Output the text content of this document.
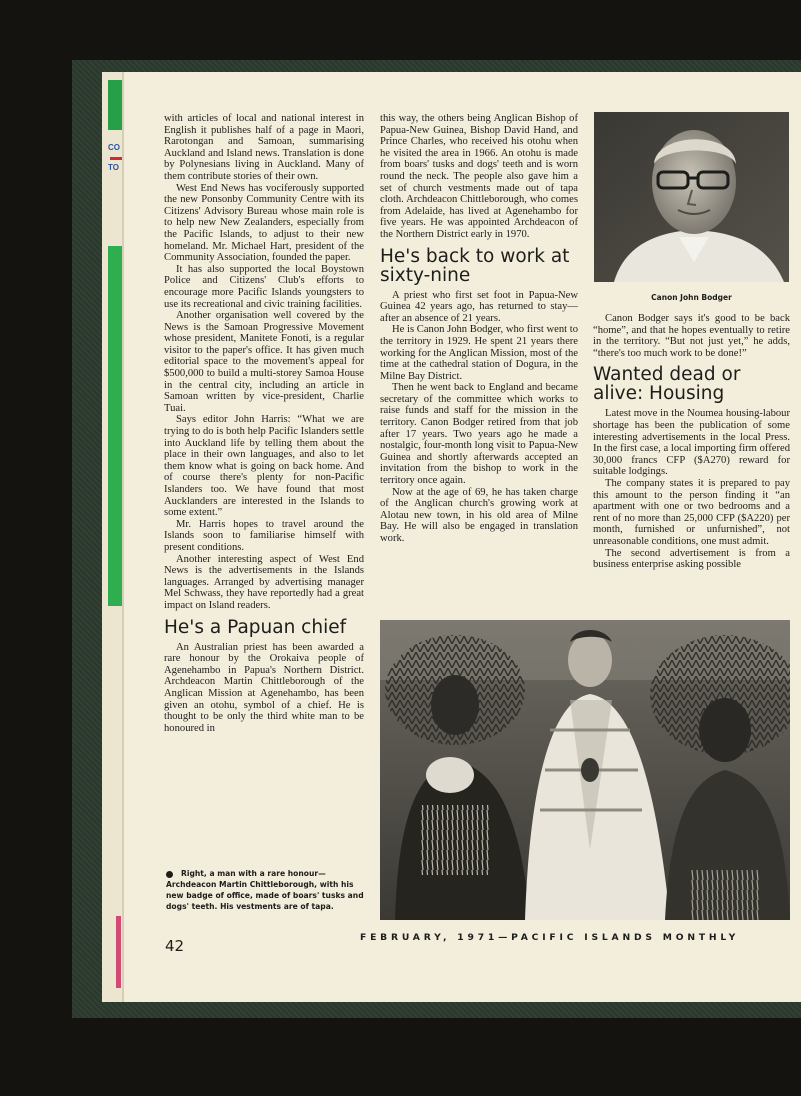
CO
TO

with articles of local and national interest in English it publishes half of a page in Maori, Rarotongan and Samoan, summarising Auckland and Island news. Translation is done by Polynesians living in Auckland. Many of them contribute stories of their own.

West End News has vociferously supported the new Ponsonby Community Centre with its Citizens' Advisory Bureau whose main role is to help new New Zealanders, especially from the Pacific Islands, to adjust to their new homeland. Mr. Michael Hart, president of the Community Association, founded the paper.

It has also supported the local Boystown Police and Citizens' Club's efforts to encourage more Pacific Islands youngsters to use its recreational and civic training facilities.

Another organisation well covered by the News is the Samoan Progressive Movement whose president, Manitete Fonoti, is a regular visitor to the paper's office. It has given much editorial space to the movement's appeal for $500,000 to build a multi-storey Samoa House in the central city, including an article in Samoan written by vice-president, Charlie Tuai.

Says editor John Harris: “What we are trying to do is both help Pacific Islanders settle into Auckland life by telling them about the place in their own languages, and also to let them know what is going on back home. And of course there's plenty for non-Pacific Islanders too. We have found that most Aucklanders are interested in the Islands to some extent.”

Mr. Harris hopes to travel around the Islands soon to familiarise himself with present conditions.

Another interesting aspect of West End News is the advertisements in the Islands languages. Arranged by advertising manager Mel Schwass, they have reportedly had a great impact on Island readers.

He's a Papuan chief

An Australian priest has been awarded a rare honour by the Orokaiva people of Agenehambo in Papua's Northern District. Archdeacon Martin Chittleborough of the Anglican Mission at Agenehambo, has been given an otohu, symbol of a chief. He is thought to be only the third white man to be honoured in

this way, the others being Anglican Bishop of Papua-New Guinea, Bishop David Hand, and Prince Charles, who received his otohu when he visited the area in 1966. An otohu is made from boars' tusks and dogs' teeth and is worn round the neck. The people also gave him a set of church vestments made out of tapa cloth. Archdeacon Chittleborough, who comes from Adelaide, has lived at Agenehambo for five years. He was appointed Archdeacon of the Northern District early in 1970.

He's back to work at sixty-nine

A priest who first set foot in Papua-New Guinea 42 years ago, has returned to stay—after an absence of 21 years.

He is Canon John Bodger, who first went to the territory in 1929. He spent 21 years there working for the Anglican Mission, most of the time at the cathedral station of Dogura, in the Milne Bay District.

Then he went back to England and became secretary of the committee which works to raise funds and staff for the mission in the territory. Canon Bodger retired from that job after 17 years. Two years ago he made a nostalgic, four-month long visit to Papua-New Guinea and shortly afterwards accepted an invitation from the bishop to work in the territory once again.

Now at the age of 69, he has taken charge of the Anglican church's growing work at Alotau new town, in his old area of Milne Bay. He will also be engaged in translation work.

Canon John Bodger

Canon Bodger says it's good to be back “home”, and that he hopes eventually to retire in the territory. “But not just yet,” he adds, “there's too much work to be done!”

Wanted dead or alive: Housing

Latest move in the Noumea housing-labour shortage has been the publication of some interesting advertisements in the local Press. In the first case, a local importing firm offered 30,000 francs CFP ($A270) reward for suitable lodgings.

The company states it is prepared to pay this amount to the person finding it “an apartment with one or two bedrooms and a rent of no more than 25,000 CFP ($A220) per month, furnished or unfurnished”, not unreasonable conditions, one must admit.

The second advertisement is from a business enterprise asking possible

Right, a man with a rare honour—Archdeacon Martin Chittleborough, with his new badge of office, made of boars' tusks and dogs' teeth. His vestments are of tapa.
42	FEBRUARY, 1971—PACIFIC ISLANDS MONTHLY
